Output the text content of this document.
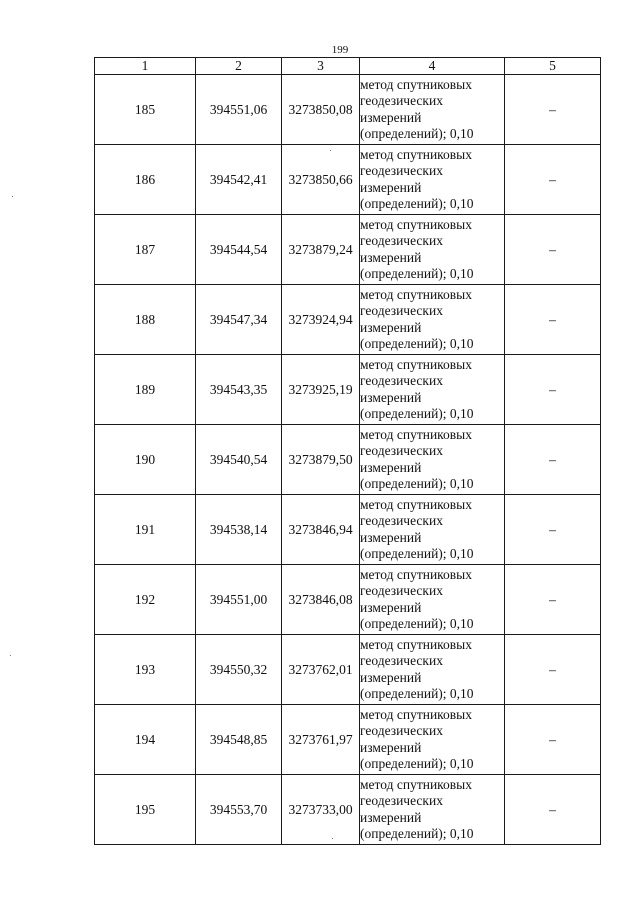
199
1	2	3	4	5
185	394551,06	3273850,08	метод спутниковых
геодезических
измерений
(определений); 0,10	–
186	394542,41	3273850,66	метод спутниковых
геодезических
измерений
(определений); 0,10	–
187	394544,54	3273879,24	метод спутниковых
геодезических
измерений
(определений); 0,10	–
188	394547,34	3273924,94	метод спутниковых
геодезических
измерений
(определений); 0,10	–
189	394543,35	3273925,19	метод спутниковых
геодезических
измерений
(определений); 0,10	–
190	394540,54	3273879,50	метод спутниковых
геодезических
измерений
(определений); 0,10	–
191	394538,14	3273846,94	метод спутниковых
геодезических
измерений
(определений); 0,10	–
192	394551,00	3273846,08	метод спутниковых
геодезических
измерений
(определений); 0,10	–
193	394550,32	3273762,01	метод спутниковых
геодезических
измерений
(определений); 0,10	–
194	394548,85	3273761,97	метод спутниковых
геодезических
измерений
(определений); 0,10	–
195	394553,70	3273733,00	метод спутниковых
геодезических
измерений
(определений); 0,10	–
